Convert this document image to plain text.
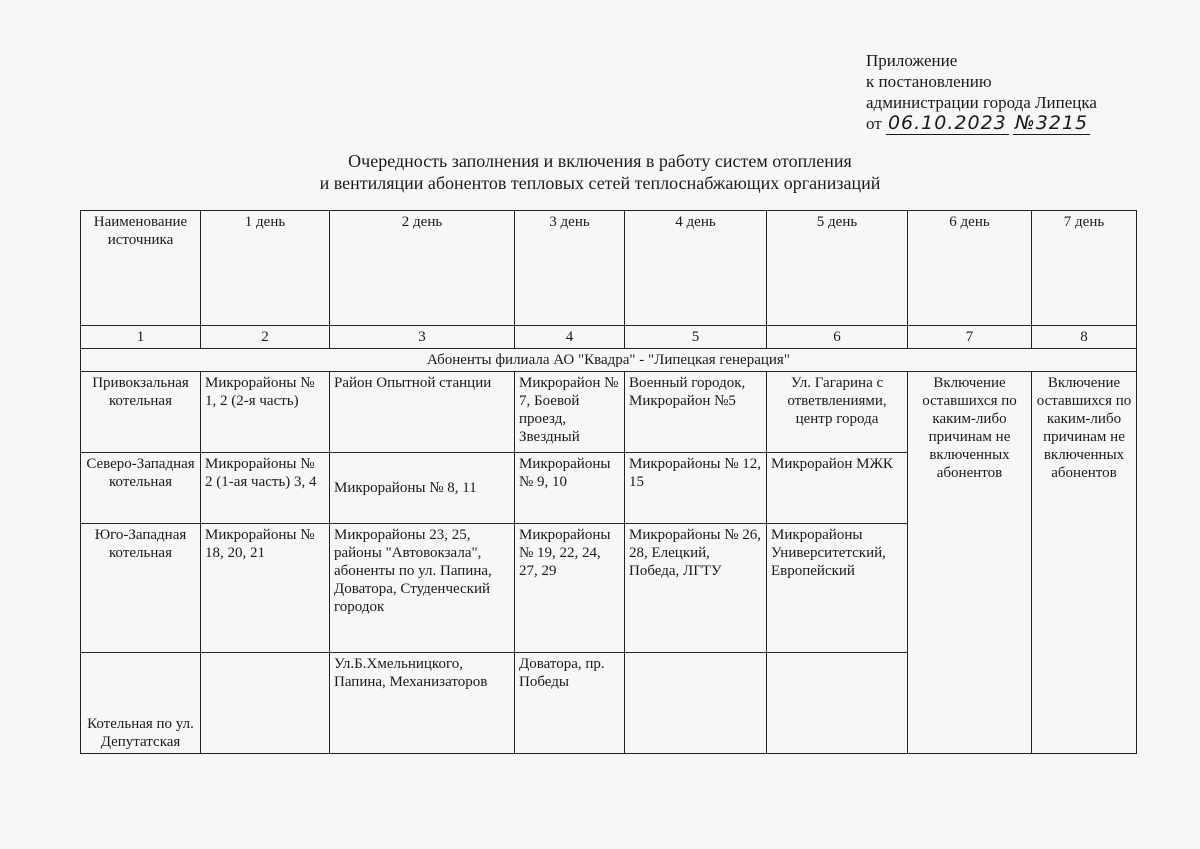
Приложение
к постановлению
администрации города Липецка
от 06.10.2023 №3215
Очередность заполнения и включения в работу систем отопления
и вентиляции абонентов тепловых сетей теплоснабжающих организаций
Наименование источника	1 день	2 день	3 день	4 день	5 день	6 день	7 день
1	2	3	4	5	6	7	8
Абоненты филиала АО "Квадра" - "Липецкая генерация"							
Привокзальная котельная	Микрорайоны № 1, 2 (2-я часть)	Район Опытной станции	Микрорайон № 7, Боевой проезд, Звездный	Военный городок, Микрорайон №5	Ул. Гагарина с ответвлениями, центр города	Включение оставшихся по каким-либо причинам не включенных абонентов	Включение оставшихся по каким-либо причинам не включенных абонентов
Северо-Западная котельная	Микрорайоны № 2 (1-ая часть) 3, 4	Микрорайоны № 8, 11	Микрорайоны № 9, 10	Микрорайоны № 12, 15	Микрорайон МЖК		
Юго-Западная котельная	Микрорайоны № 18, 20, 21	Микрорайоны 23, 25, районы "Автовокзала", абоненты по ул. Папина, Доватора, Студенческий городок	Микрорайоны № 19, 22, 24, 27, 29	Микрорайоны № 26, 28, Елецкий, Победа, ЛГТУ	Микрорайоны Университетский, Европейский		
Котельная по ул. Депутатская		Ул.Б.Хмельницкого, Папина, Механизаторов	Доватора, пр. Победы				
